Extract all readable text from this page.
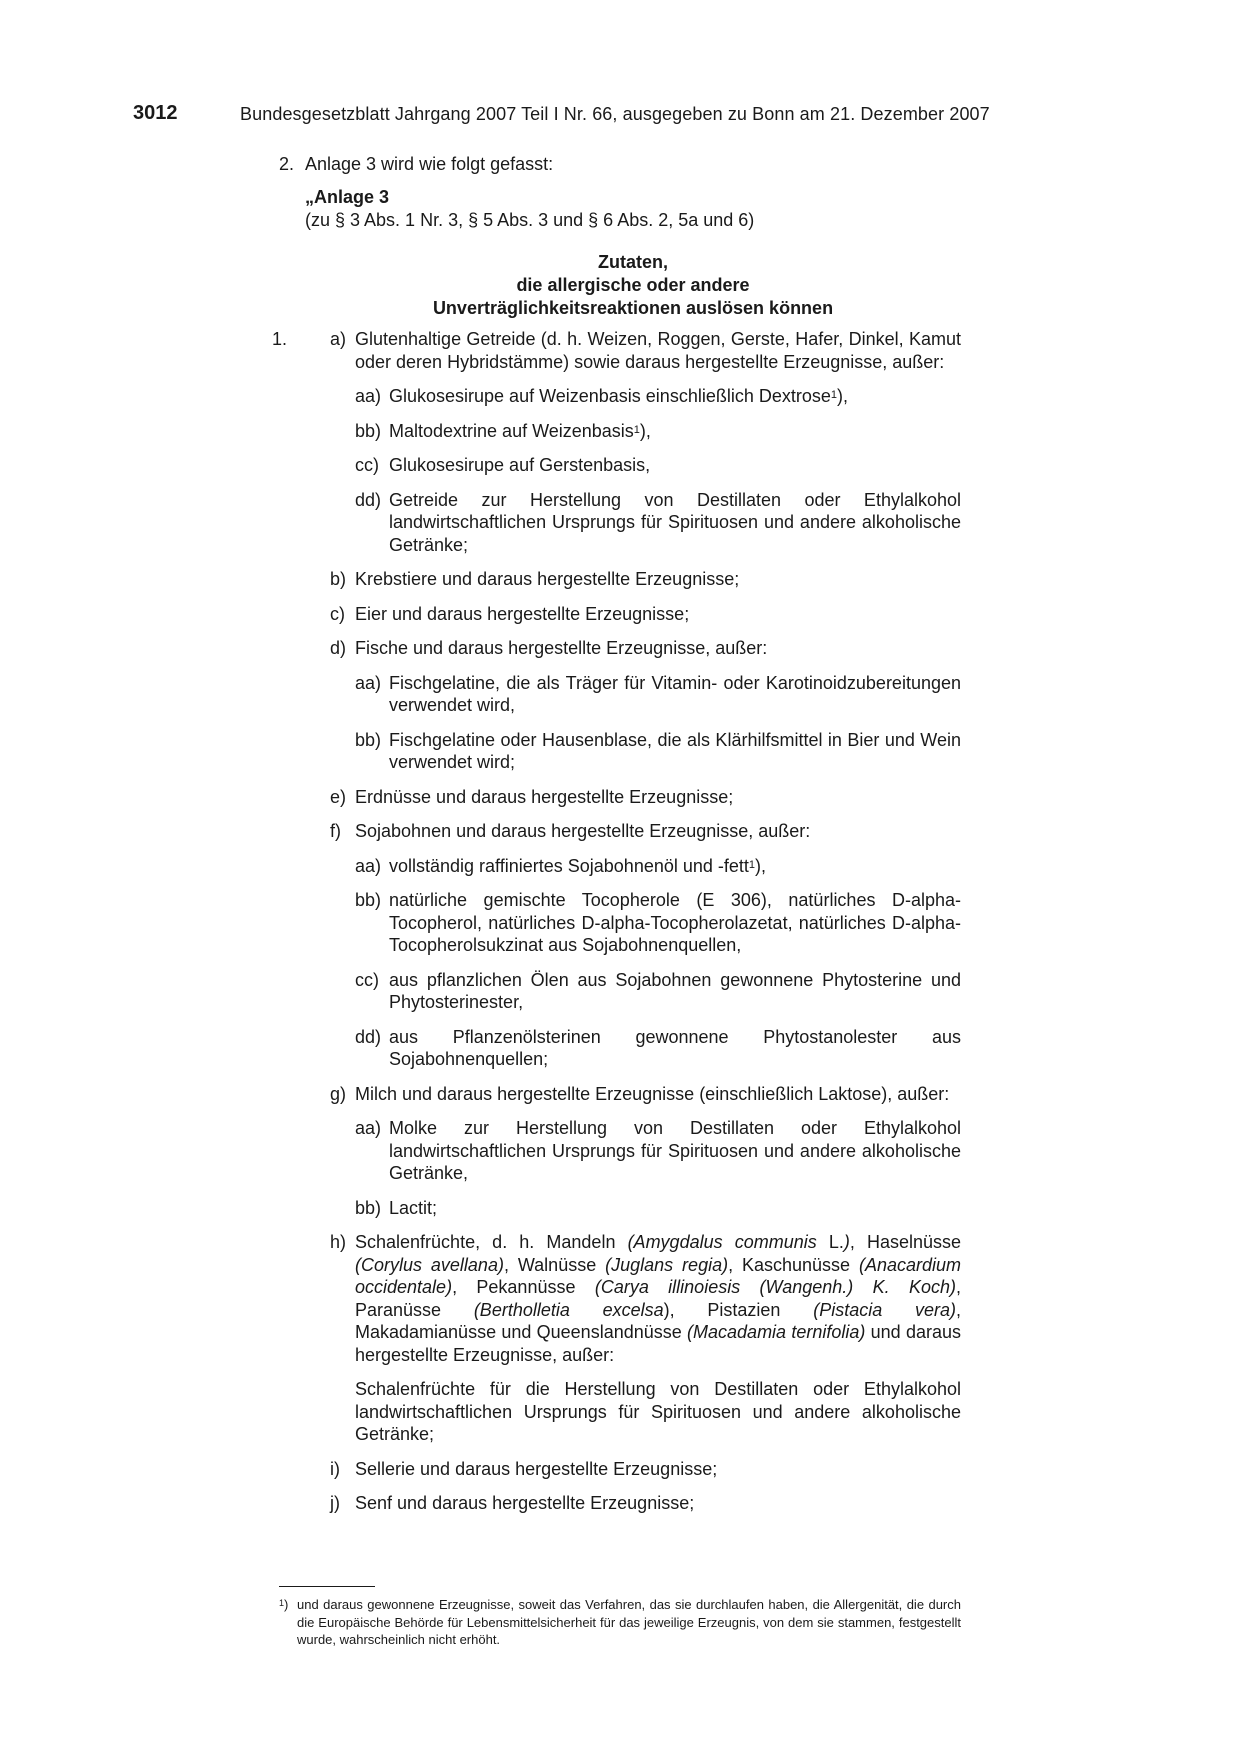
3012	Bundesgesetzblatt Jahrgang 2007 Teil I Nr. 66, ausgegeben zu Bonn am 21. Dezember 2007
2. Anlage 3 wird wie folgt gefasst:
„Anlage 3
(zu § 3 Abs. 1 Nr. 3, § 5 Abs. 3 und § 6 Abs. 2, 5a und 6)
Zutaten,
die allergische oder andere
Unverträglichkeitsreaktionen auslösen können
1. a) Glutenhaltige Getreide (d. h. Weizen, Roggen, Gerste, Hafer, Dinkel, Kamut oder deren Hybridstämme) sowie daraus hergestellte Erzeugnisse, außer:
aa) Glukosesirupe auf Weizenbasis einschließlich Dextrose$^1$),
bb) Maltodextrine auf Weizenbasis$^1$),
cc) Glukosesirupe auf Gerstenbasis,
dd) Getreide zur Herstellung von Destillaten oder Ethylalkohol landwirtschaftlichen Ursprungs für Spirituosen und andere alkoholische Getränke;
b) Krebstiere und daraus hergestellte Erzeugnisse;
c) Eier und daraus hergestellte Erzeugnisse;
d) Fische und daraus hergestellte Erzeugnisse, außer:
aa) Fischgelatine, die als Träger für Vitamin- oder Karotinoidzubereitungen verwendet wird,
bb) Fischgelatine oder Hausenblase, die als Klärhilfsmittel in Bier und Wein verwendet wird;
e) Erdnüsse und daraus hergestellte Erzeugnisse;
f) Sojabohnen und daraus hergestellte Erzeugnisse, außer:
aa) vollständig raffiniertes Sojabohnenöl und -fett$^1$),
bb) natürliche gemischte Tocopherole (E 306), natürliches D-alpha-Tocopherol, natürliches D-alpha-Tocopherolazetat, natürliches D-alpha-Tocopherolsukzinat aus Sojabohnenquellen,
cc) aus pflanzlichen Ölen aus Sojabohnen gewonnene Phytosterine und Phytosterinester,
dd) aus Pflanzenölsterinen gewonnene Phytostanolester aus Sojabohnenquellen;
g) Milch und daraus hergestellte Erzeugnisse (einschließlich Laktose), außer:
aa) Molke zur Herstellung von Destillaten oder Ethylalkohol landwirtschaftlichen Ursprungs für Spirituosen und andere alkoholische Getränke,
bb) Lactit;
h) Schalenfrüchte, d. h. Mandeln (Amygdalus communis L.), Haselnüsse (Corylus avellana), Walnüsse (Juglans regia), Kaschunüsse (Anacardium occidentale), Pekannüsse (Carya illinoiesis (Wangenh.) K. Koch), Paranüsse (Bertholletia excelsa), Pistazien (Pistacia vera), Makadamianüsse und Queenslandnüsse (Macadamia ternifolia) und daraus hergestellte Erzeugnisse, außer:
Schalenfrüchte für die Herstellung von Destillaten oder Ethylalkohol landwirtschaftlichen Ursprungs für Spirituosen und andere alkoholische Getränke;
i) Sellerie und daraus hergestellte Erzeugnisse;
j) Senf und daraus hergestellte Erzeugnisse;
$^1$) und daraus gewonnene Erzeugnisse, soweit das Verfahren, das sie durchlaufen haben, die Allergenität, die durch die Europäische Behörde für Lebensmittelsicherheit für das jeweilige Erzeugnis, von dem sie stammen, festgestellt wurde, wahrscheinlich nicht erhöht.
